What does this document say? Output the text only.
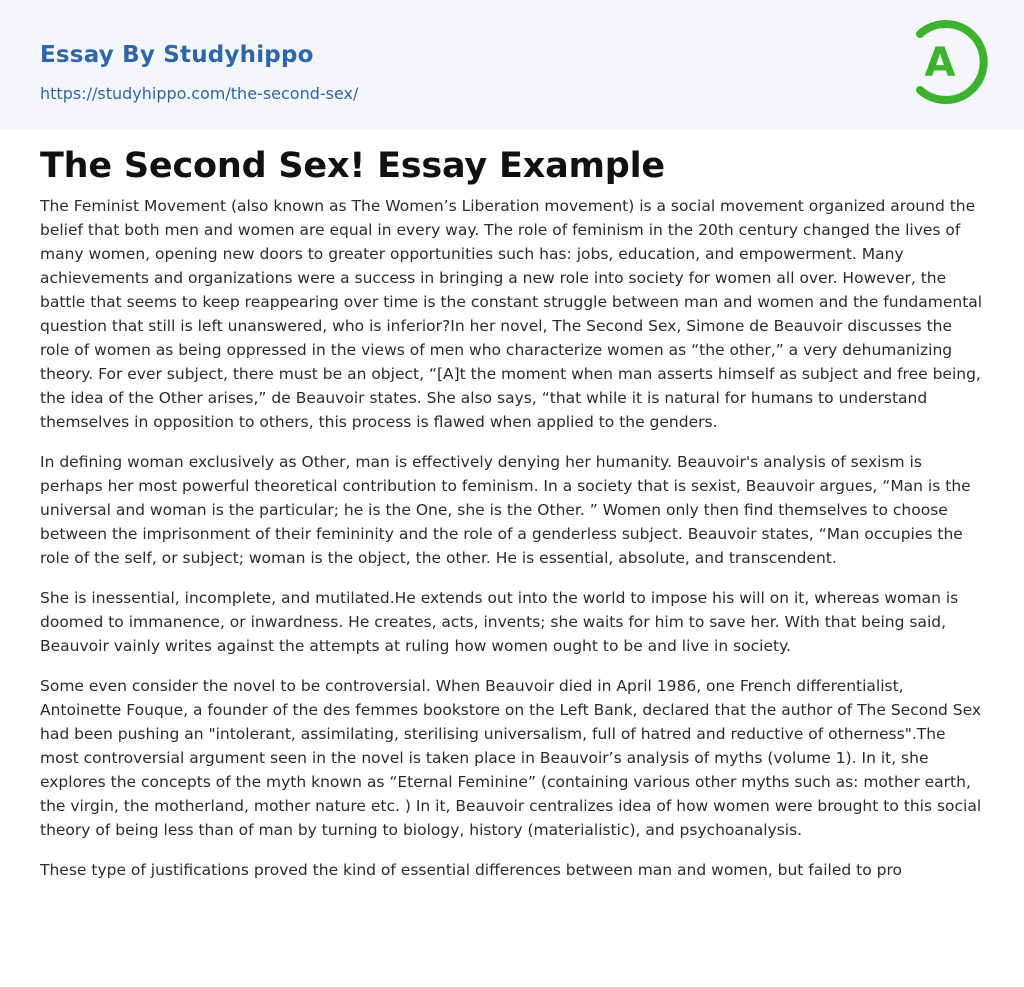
Essay By Studyhippo
https://studyhippo.com/the-second-sex/
A
The Second Sex! Essay Example

The Feminist Movement (also known as The Women’s Liberation movement) is a social movement organized around the belief that both men and women are equal in every way. The role of feminism in the 20th century changed the lives of many women, opening new doors to greater opportunities such has: jobs, education, and empowerment. Many achievements and organizations were a success in bringing a new role into society for women all over. However, the battle that seems to keep reappearing over time is the constant struggle between man and women and the fundamental question that still is left unanswered, who is inferior?In her novel, The Second Sex, Simone de Beauvoir discusses the role of women as being oppressed in the views of men who characterize women as “the other,” a very dehumanizing theory. For ever subject, there must be an object, “[A]t the moment when man asserts himself as subject and free being, the idea of the Other arises,” de Beauvoir states. She also says, “that while it is natural for humans to understand themselves in opposition to others, this process is flawed when applied to the genders.

In defining woman exclusively as Other, man is effectively denying her humanity. Beauvoir's analysis of sexism is perhaps her most powerful theoretical contribution to feminism. In a society that is sexist, Beauvoir argues, “Man is the universal and woman is the particular; he is the One, she is the Other. ” Women only then find themselves to choose between the imprisonment of their femininity and the role of a genderless subject. Beauvoir states, “Man occupies the role of the self, or subject; woman is the object, the other. He is essential, absolute, and transcendent.

She is inessential, incomplete, and mutilated.He extends out into the world to impose his will on it, whereas woman is doomed to immanence, or inwardness. He creates, acts, invents; she waits for him to save her. With that being said, Beauvoir vainly writes against the attempts at ruling how women ought to be and live in society.

Some even consider the novel to be controversial. When Beauvoir died in April 1986, one French differentialist, Antoinette Fouque, a founder of the des femmes bookstore on the Left Bank, declared that the author of The Second Sex had been pushing an "intolerant, assimilating, sterilising universalism, full of hatred and reductive of otherness".The most controversial argument seen in the novel is taken place in Beauvoir’s analysis of myths (volume 1). In it, she explores the concepts of the myth known as “Eternal Feminine” (containing various other myths such as: mother earth, the virgin, the motherland, mother nature etc. ) In it, Beauvoir centralizes idea of how women were brought to this social theory of being less than of man by turning to biology, history (materialistic), and psychoanalysis.

These type of justifications proved the kind of essential differences between man and women, but failed to pro
